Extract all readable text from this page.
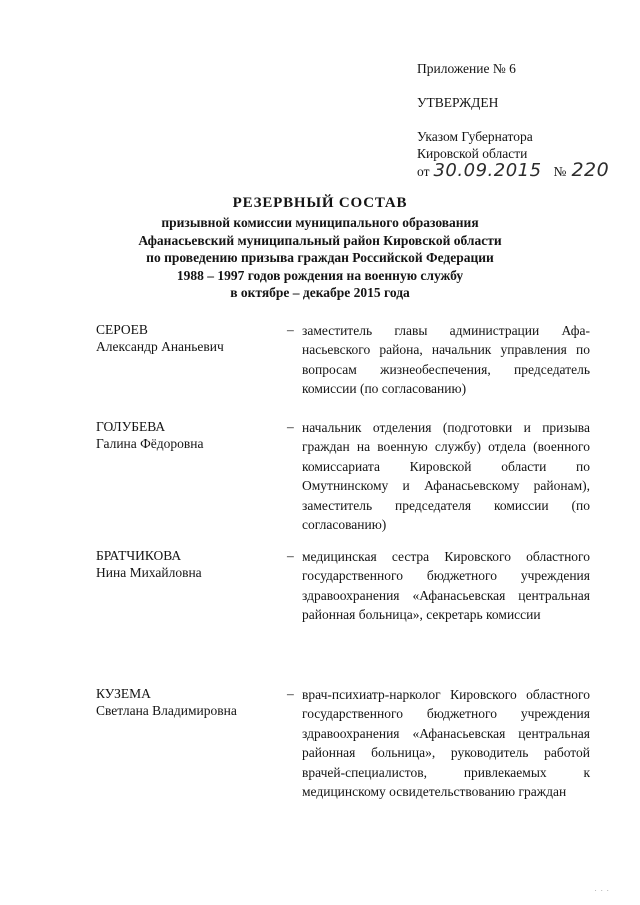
Приложение № 6
УТВЕРЖДЕН
Указом Губернатора
Кировской области
от 30.09.2015 № 220
РЕЗЕРВНЫЙ СОСТАВ
призывной комиссии муниципального образования
Афанасьевский муниципальный район Кировской области
по проведению призыва граждан Российской Федерации
1988 – 1997 годов рождения на военную службу
в октябре – декабре 2015 года
СЕРОЕВ
Александр Ананьевич
– заместитель главы администрации Афанасьевского района, начальник управления по вопросам жизнеобеспечения, председатель комиссии (по согласованию)
ГОЛУБЕВА
Галина Фёдоровна
– начальник отделения (подготовки и призыва граждан на военную службу) отдела (военного комиссариата Кировской области по Омутнинскому и Афанасьевскому районам), заместитель председателя комиссии (по согласованию)
БРАТЧИКОВА
Нина Михайловна
– медицинская сестра Кировского областного государственного бюджетного учреждения здравоохранения «Афанасьевская центральная районная больница», секретарь комиссии
КУЗЕМА
Светлана Владимировна
– врач-психиатр-нарколог Кировского областного государственного бюджетного учреждения здравоохранения «Афанасьевская центральная районная больница», руководитель работой врачей-специалистов, привлекаемых к медицинскому освидетельствованию граждан
· · ·
